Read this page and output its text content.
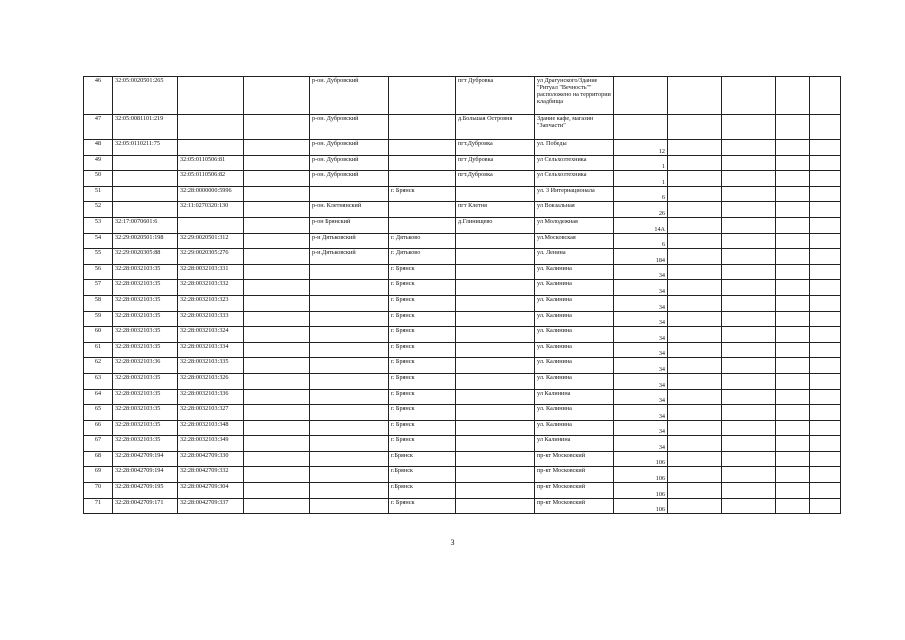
46	32:05:0020501:265			р-он. Дубровский		пгт Дубровка	ул Драгунского/Здание "Ритуал "Вечность"" расположено на территории кладбища					
47	32:05:0081101:219			р-он. Дубровский		д.Большая Островня	Здание кафе, магазин "Запчасти"					
48	32:05:0110211:75			р-он. Дубровский		пгт.Дубровка	ул. Победы	12				
49		32:05:0110506:81		р-он. Дубровский		пгт Дубровка	ул Сельхозтехника	1				
50		32:05:0110506:82		р-он. Дубровский		пгт.Дубровка	ул Сельхозтехника	1				
51		32:28:0000000:5996			г. Брянск		ул. 3 Интернационала	6				
52		32:11:0270320:130		р-он. Клетнянский		пгт Клетня	ул Вокзальная	26				
53	32:17:0070601:6			р-он Брянский		д.Глинищево	ул Молодежная	14А				
54	32:29:0020501:198	32:29:0020501:312		р-н Дятьковский	г. Дятьково		ул.Московская	6				
55	32:29:0020305:88	32:29:0020305:276		р-н.Дятьковский	г. Дятьково		ул. Ленина	184				
56	32:28:0032103:35	32:28:0032103:331			г. Брянск		ул. Калинина	34				
57	32:28:0032103:35	32:28:0032103:332			г. Брянск		ул. Калинина	34				
58	32:28:0032103:35	32:28:0032103:323			г. Брянск		ул. Калинина	34				
59	32:28:0032103:35	32:28:0032103:333			г. Брянск		ул. Калинина	34				
60	32:28:0032103:35	32:28:0032103:324			г. Брянск		ул. Калинина	34				
61	32:28:0032103:35	32:28:0032103:334			г. Брянск		ул. Калинина	34				
62	32:28:0032103:36	32:28:0032103:335			г. Брянск		ул. Калинина	34				
63	32:28:0032103:35	32:28:0032103:326			г. Брянск		ул. Калинина	34				
64	32:28:0032103:35	32:28:0032103:336			г. Брянск		ул Калинина	34				
65	32:28:0032103:35	32:28:0032103:327			г. Брянск		ул. Калинина	34				
66	32:28:0032103:35	32:28:0032103:348			г. Брянск		ул. Калинина	34				
67	32:28:0032103:35	32:28:0032103:349			г. Брянск		ул Калинина	34				
68	32:28:0042709:194	32:28:0042709:330			г.Брянск		пр-кт Московский	106				
69	32:28:0042709:194	32:28:0042709:332			г.Брянск		пр-кт Московский	106				
70	32:28:0042709:195	32:28:0042709:304			г.Брянск		пр-кт Московский	106				
71	32:28:0042709:171	32:28:0042709:337			г. Брянск		пр-кт Московский	106				
3
